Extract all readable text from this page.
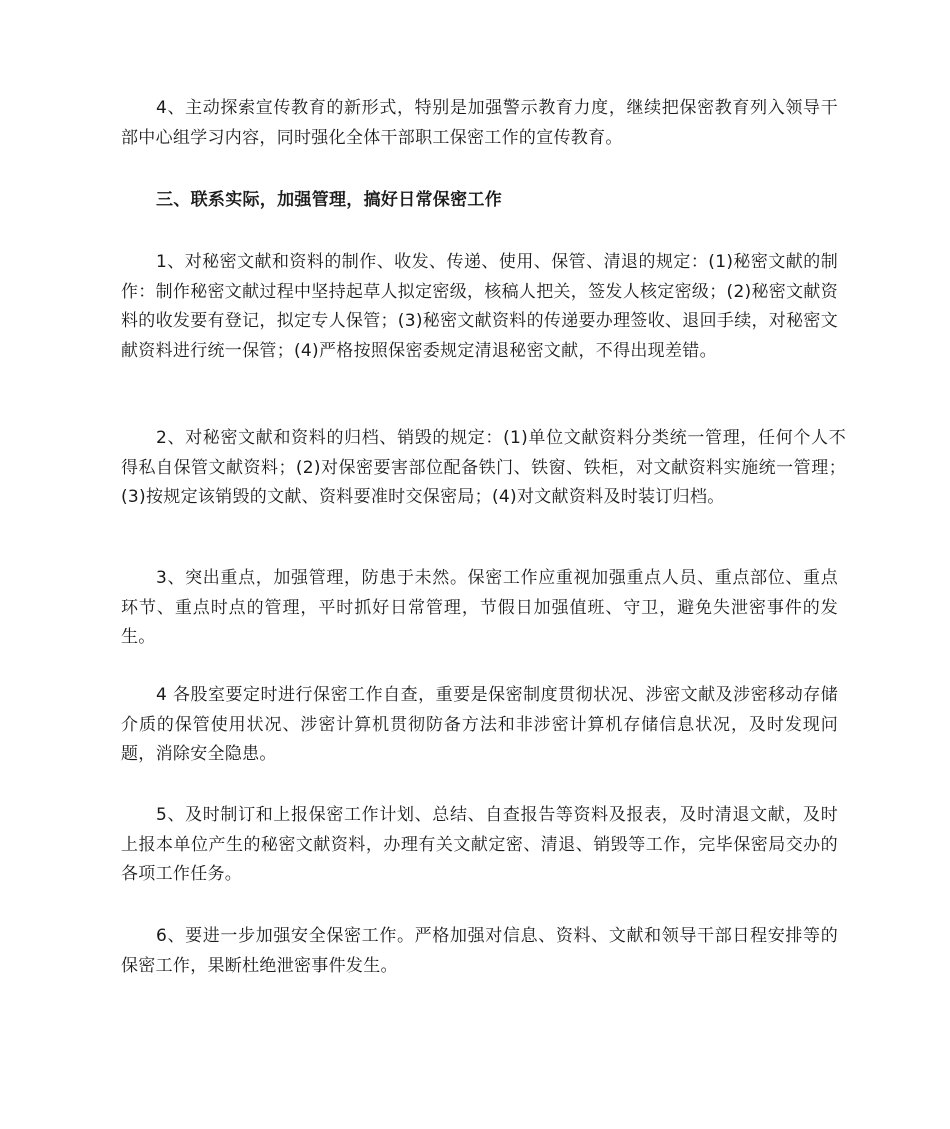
4、主动探索宣传教育的新形式，特别是加强警示教育力度，继续把保密教育列入领导干部中心组学习内容，同时强化全体干部职工保密工作的宣传教育。

三、联系实际，加强管理，搞好日常保密工作

1、对秘密文献和资料的制作、收发、传递、使用、保管、清退的规定：(1)秘密文献的制作：制作秘密文献过程中坚持起草人拟定密级，核稿人把关，签发人核定密级；(2)秘密文献资料的收发要有登记，拟定专人保管；(3)秘密文献资料的传递要办理签收、退回手续，对秘密文献资料进行统一保管；(4)严格按照保密委规定清退秘密文献，不得出现差错。

2、对秘密文献和资料的归档、销毁的规定：(1)单位文献资料分类统一管理，任何个人不得私自保管文献资料；(2)对保密要害部位配备铁门、铁窗、铁柜，对文献资料实施统一管理；(3)按规定该销毁的文献、资料要准时交保密局；(4)对文献资料及时装订归档。

3、突出重点，加强管理，防患于未然。保密工作应重视加强重点人员、重点部位、重点环节、重点时点的管理，平时抓好日常管理，节假日加强值班、守卫，避免失泄密事件的发生。

4 各股室要定时进行保密工作自查，重要是保密制度贯彻状况、涉密文献及涉密移动存储介质的保管使用状况、涉密计算机贯彻防备方法和非涉密计算机存储信息状况，及时发现问题，消除安全隐患。

5、及时制订和上报保密工作计划、总结、自查报告等资料及报表，及时清退文献，及时上报本单位产生的秘密文献资料，办理有关文献定密、清退、销毁等工作，完毕保密局交办的各项工作任务。

6、要进一步加强安全保密工作。严格加强对信息、资料、文献和领导干部日程安排等的保密工作，果断杜绝泄密事件发生。
